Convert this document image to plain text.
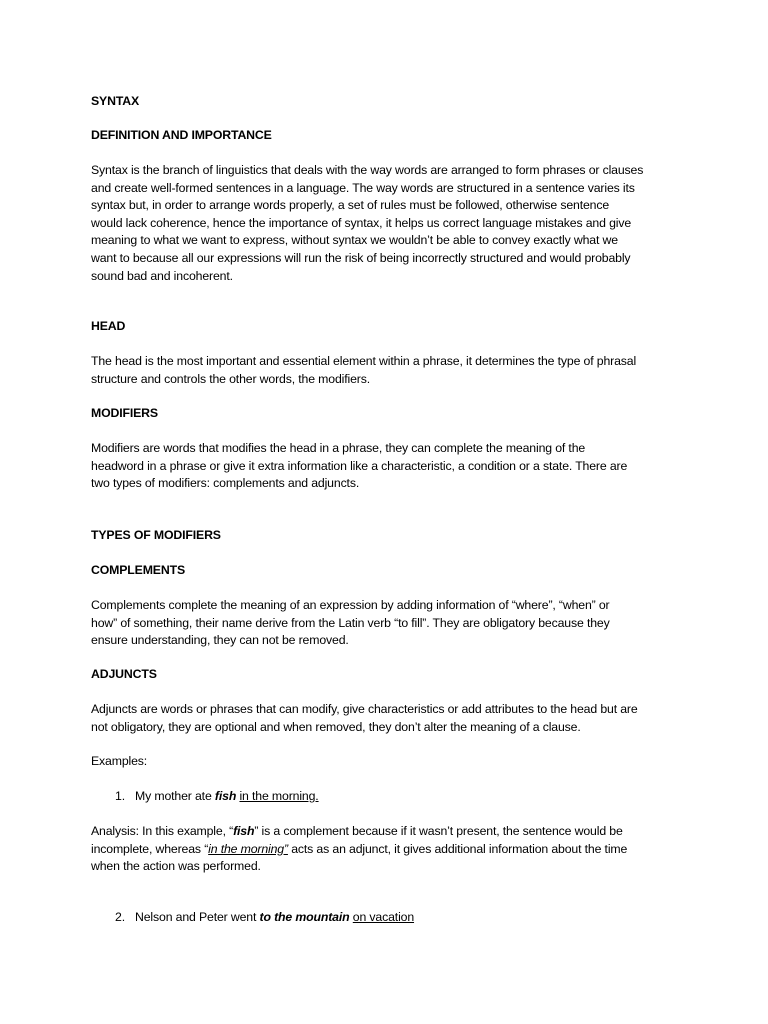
SYNTAX
DEFINITION AND IMPORTANCE
Syntax is the branch of linguistics that deals with the way words are arranged to form phrases or clauses
and create well-formed sentences in a language. The way words are structured in a sentence varies its
syntax but, in order to arrange words properly, a set of rules must be followed, otherwise sentence
would lack coherence, hence the importance of syntax, it helps us correct language mistakes and give
meaning to what we want to express, without syntax we wouldn’t be able to convey exactly what we
want to because all our expressions will run the risk of being incorrectly structured and would probably
sound bad and incoherent.
HEAD
The head is the most important and essential element within a phrase, it determines the type of phrasal
structure and controls the other words, the modifiers.
MODIFIERS
Modifiers are words that modifies the head in a phrase, they can complete the meaning of the
headword in a phrase or give it extra information like a characteristic, a condition or a state. There are
two types of modifiers: complements and adjuncts.
TYPES OF MODIFIERS
COMPLEMENTS
Complements complete the meaning of an expression by adding information of “where”, “when” or
how” of something, their name derive from the Latin verb “to fill”. They are obligatory because they
ensure understanding, they can not be removed.
ADJUNCTS
Adjuncts are words or phrases that can modify, give characteristics or add attributes to the head but are
not obligatory, they are optional and when removed, they don’t alter the meaning of a clause.
Examples:
1. My mother ate fish in the morning.
Analysis: In this example, “fish” is a complement because if it wasn’t present, the sentence would be
incomplete, whereas “in the morning” acts as an adjunct, it gives additional information about the time
when the action was performed.
2. Nelson and Peter went to the mountain on vacation
